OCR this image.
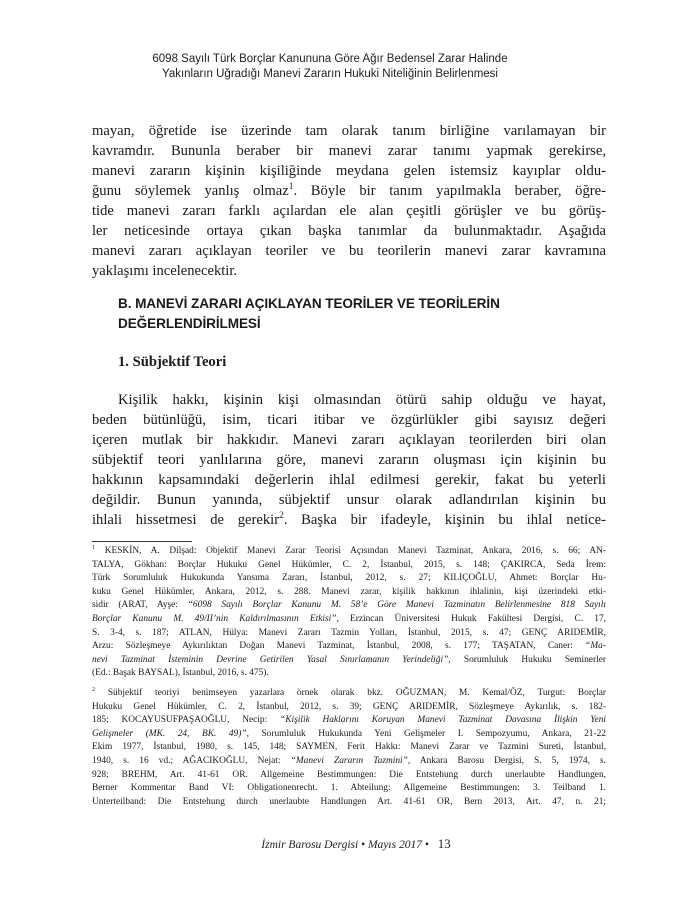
6098 Sayılı Türk Borçlar Kanununa Göre Ağır Bedensel Zarar Halinde
Yakınların Uğradığı Manevi Zararın Hukuki Niteliğinin Belirlenmesi
mayan, öğretide ise üzerinde tam olarak tanım birliğine varılamayan bir
kavramdır. Bununla beraber bir manevi zarar tanımı yapmak gerekirse,
manevi zararın kişinin kişiliğinde meydana gelen istemsiz kayıplar oldu-
ğunu söylemek yanlış olmaz$^1$. Böyle bir tanım yapılmakla beraber, öğre-
tide manevi zararı farklı açılardan ele alan çeşitli görüşler ve bu görüş-
ler neticesinde ortaya çıkan başka tanımlar da bulunmaktadır. Aşağıda
manevi zararı açıklayan teoriler ve bu teorilerin manevi zarar kavramına
yaklaşımı incelenecektir.
B. MANEVİ ZARARI AÇIKLAYAN TEORİLER VE TEORİLERİN
DEĞERLENDİRİLMESİ
1. Sübjektif Teori
Kişilik hakkı, kişinin kişi olmasından ötürü sahip olduğu ve hayat,
beden bütünlüğü, isim, ticari itibar ve özgürlükler gibi sayısız değeri
içeren mutlak bir hakkıdır. Manevi zararı açıklayan teorilerden biri olan
sübjektif teori yanlılarına göre, manevi zararın oluşması için kişinin bu
hakkının kapsamındaki değerlerin ihlal edilmesi gerekir, fakat bu yeterli
değildir. Bunun yanında, sübjektif unsur olarak adlandırılan kişinin bu
ihlali hissetmesi de gerekir$^2$. Başka bir ifadeyle, kişinin bu ihlal netice-
$^1$ KESKİN, A. Dilşad: Objektif Manevi Zarar Teorisi Açısından Manevi Tazminat, Ankara, 2016, s. 66; AN-
TALYA, Gökhan: Borçlar Hukuku Genel Hükümler, C. 2, İstanbul, 2015, s. 148; ÇAKIRCA, Seda İrem:
Türk Sorumluluk Hukukunda Yansıma Zararı, İstanbul, 2012, s. 27; KILIÇOĞLU, Ahmet: Borçlar Hu-
kuku Genel Hükümler, Ankara, 2012, s. 288. Manevi zarar, kişilik hakkının ihlalinin, kişi üzerindeki etki-
sidir (ARAT, Ayşe: “6098 Sayılı Borçlar Kanunu M. 58’e Göre Manevi Tazminatın Belirlenmesine 818 Sayılı
Borçlar Kanunu M. 49/II’nin Kaldırılmasının Etkisi”, Erzincan Üniversitesi Hukuk Fakültesi Dergisi, C. 17,
S. 3-4, s. 187; ATLAN, Hülya: Manevi Zararı Tazmin Yolları, İstanbul, 2015, s. 47; GENÇ ARIDEMİR,
Arzu: Sözleşmeye Aykırılıktan Doğan Manevi Tazminat, İstanbul, 2008, s. 177; TAŞATAN, Caner: “Ma-
nevi Tazminat İsteminin Devrine Getirilen Yasal Sınırlamanın Yerindeliği”, Sorumluluk Hukuku Seminerler
(Ed.: Başak BAYSAL), İstanbul, 2016, s. 475).
$^2$ Sübjektif teoriyi benimseyen yazarlara örnek olarak bkz. OĞUZMAN, M. Kemal/ÖZ, Turgut: Borçlar
Hukuku Genel Hükümler, C. 2, İstanbul, 2012, s. 39; GENÇ ARIDEMİR, Sözleşmeye Aykırılık, s. 182-
185; KOCAYUSUFPAŞAOĞLU, Necip: “Kişilik Haklarını Koruyan Manevi Tazminat Davasına İlişkin Yeni
Gelişmeler (MK. 24, BK. 49)”, Sorumluluk Hukukunda Yeni Gelişmeler I. Sempozyumu, Ankara, 21-22
Ekim 1977, İstanbul, 1980, s. 145, 148; SAYMEN, Ferit Hakkı: Manevi Zarar ve Tazmini Sureti, İstanbul,
1940, s. 16 vd.; AĞACIKOĞLU, Nejat: “Manevi Zararın Tazmini”, Ankara Barosu Dergisi, S. 5, 1974, s.
928; BREHM, Art. 41-61 OR. Allgemeine Bestimmungen: Die Entstehung durch unerlaubte Handlungen,
Berner Kommentar Band VI: Obligationenrecht. 1. Abteilung: Allgemeine Bestimmungen: 3. Teilband 1.
Unterteilband: Die Entstehung durch unerlaubte Handlungen Art. 41-61 OR, Bern 2013, Art. 47, n. 21;
İzmir Barosu Dergisi • Mayıs 2017 • 13
